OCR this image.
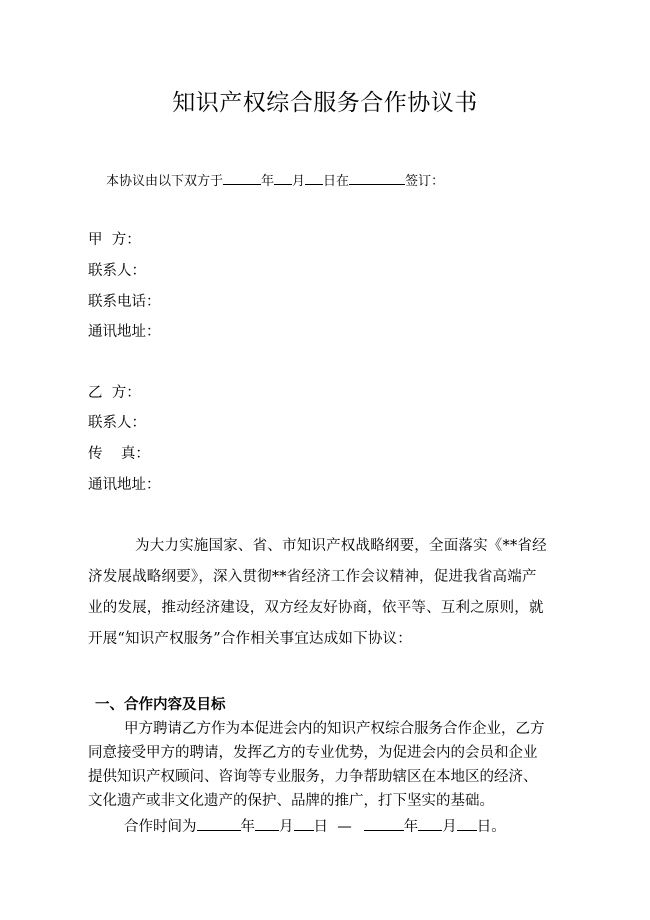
知识产权综合服务合作协议书
本协议由以下双方于	年 月 日在	签订：
甲  方：
联系人：
联系电话：
通讯地址：
乙  方：
联系人：
传    真：
通讯地址：
为大力实施国家、省、市知识产权战略纲要，全面落实《**省经
济发展战略纲要》，深入贯彻**省经济工作会议精神，促进我省高端产
业的发展，推动经济建设，双方经友好协商，依平等、互利之原则，就
开展“知识产权服务”合作相关事宜达成如下协议：
一、合作内容及目标
甲方聘请乙方作为本促进会内的知识产权综合服务合作企业，乙方
同意接受甲方的聘请，发挥乙方的专业优势，为促进会内的会员和企业
提供知识产权顾问、咨询等专业服务，力争帮助辖区在本地区的经济、
文化遗产或非文化遗产的保护、品牌的推广，打下坚实的基础。
合作时间为	年 月 日  —	年 月 日。
